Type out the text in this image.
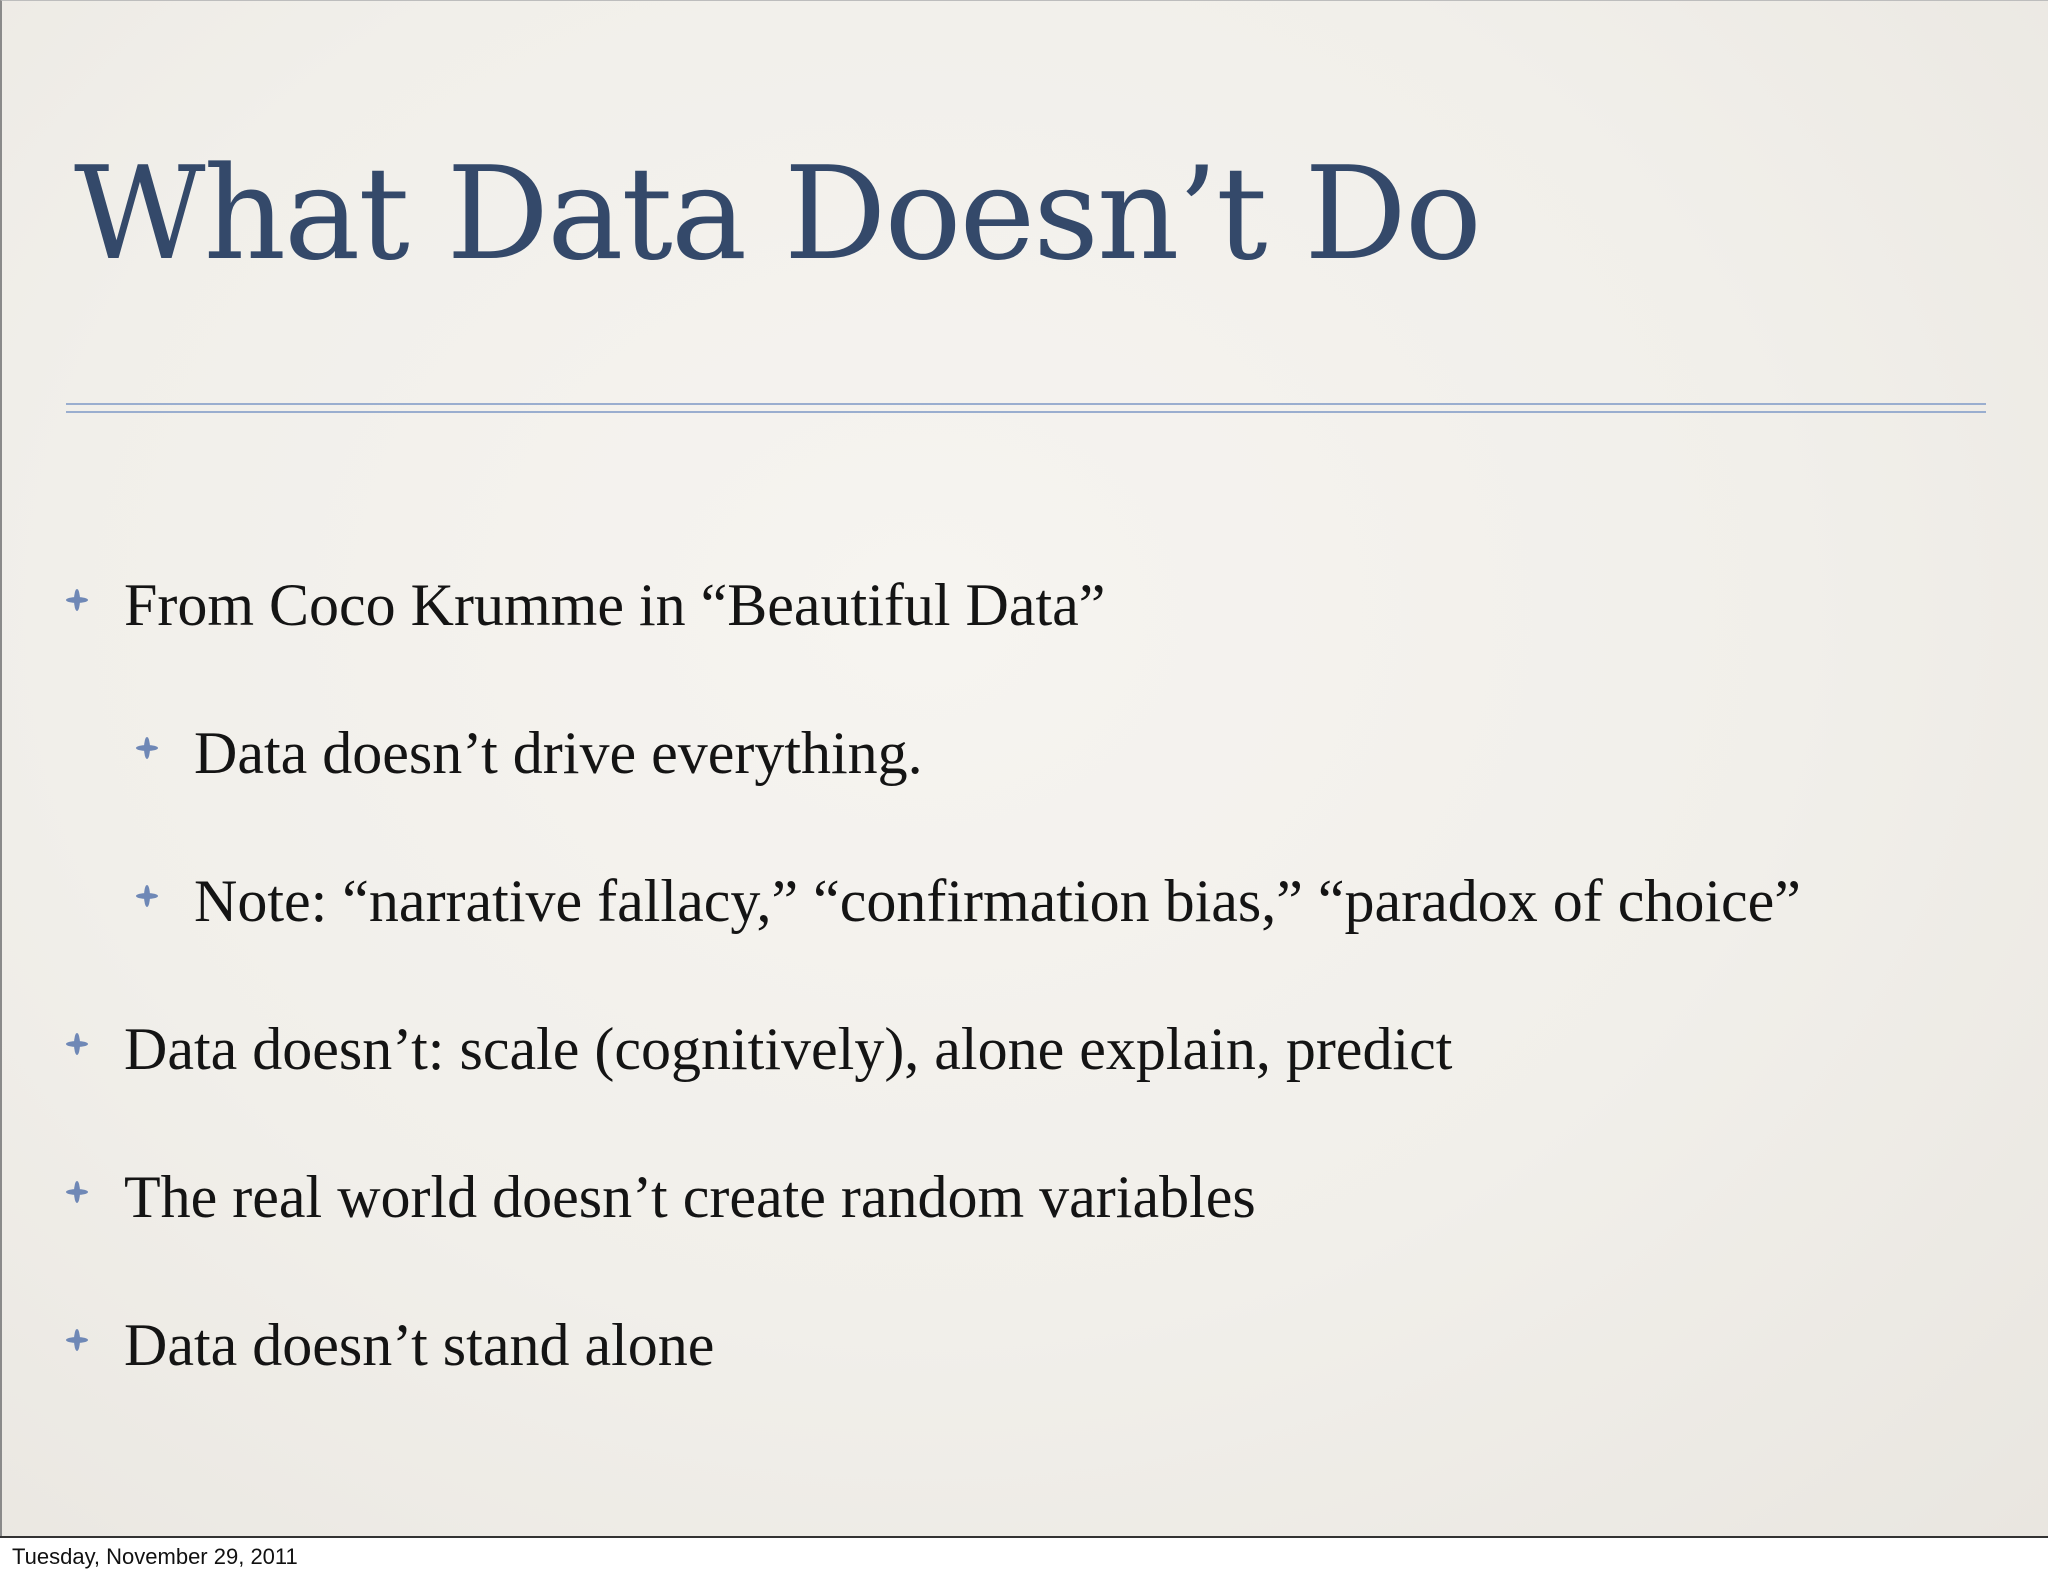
What Data Doesn’t Do
From Coco Krumme in “Beautiful Data”
Data doesn’t drive everything.
Note: “narrative fallacy,” “confirmation bias,” “paradox of choice”
Data doesn’t: scale (cognitively), alone explain, predict
The real world doesn’t create random variables
Data doesn’t stand alone
Tuesday, November 29, 2011
